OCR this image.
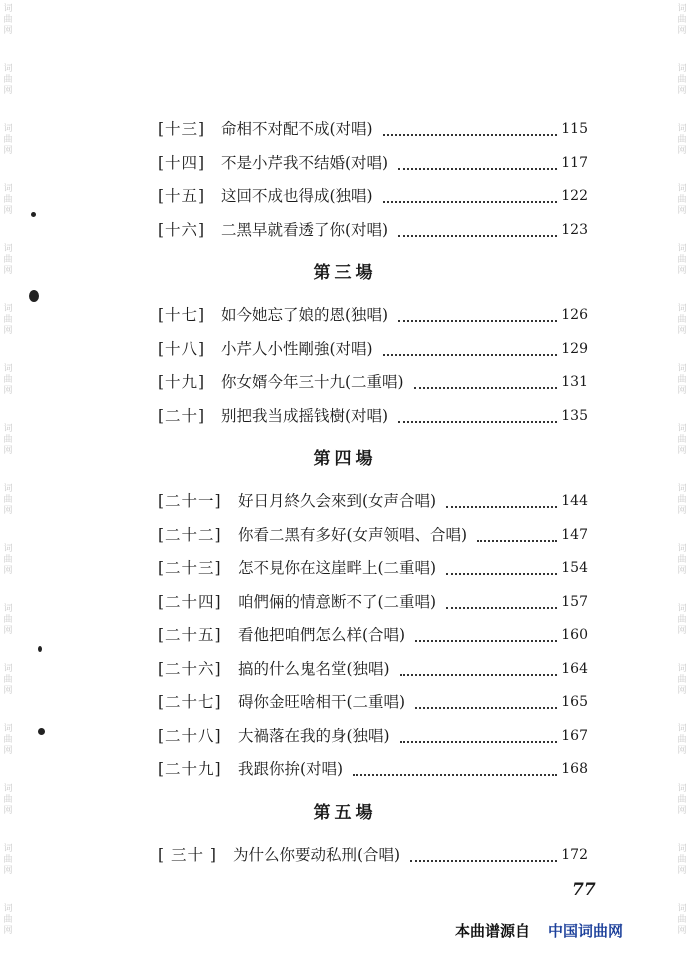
词
曲
网
词
曲
网
词
曲
网
词
曲
网
词
曲
网
词
曲
网
词
曲
网
词
曲
网
词
曲
网
词
曲
网
词
曲
网
词
曲
网
词
曲
网
词
曲
网
词
曲
网
词
曲
网
词
曲
网
词
曲
网
词
曲
网
词
曲
网
词
曲
网
词
曲
网
词
曲
网
词
曲
网
词
曲
网
词
曲
网
词
曲
网
词
曲
网
词
曲
网
词
曲
网
词
曲
网
词
曲
网
[十三] 命相不对配不成(对唱)	115
[十四] 不是小芹我不结婚(对唱)	117
[十五] 这回不成也得成(独唱)	122
[十六] 二黑早就看透了你(对唱)	123
第三場
[十七] 如今她忘了娘的恩(独唱)	126
[十八] 小芹人小性剛強(对唱)	129
[十九] 你女婿今年三十九(二重唱)	131
[二十] 别把我当成摇钱樹(对唱)	135
第四場
[二十一] 好日月終久会來到(女声合唱)	144
[二十二] 你看二黑有多好(女声领唱、合唱)	147
[二十三] 怎不見你在这崖畔上(二重唱)	154
[二十四] 咱們倆的情意断不了(二重唱)	157
[二十五] 看他把咱們怎么样(合唱)	160
[二十六] 搞的什么鬼名堂(独唱)	164
[二十七] 碍你金旺啥相干(二重唱)	165
[二十八] 大禍落在我的身(独唱)	167
[二十九] 我跟你拚(对唱)	168
第五場
[ 三十 ] 为什么你要动私刑(合唱)	172
77
本曲谱源自 中国词曲网
